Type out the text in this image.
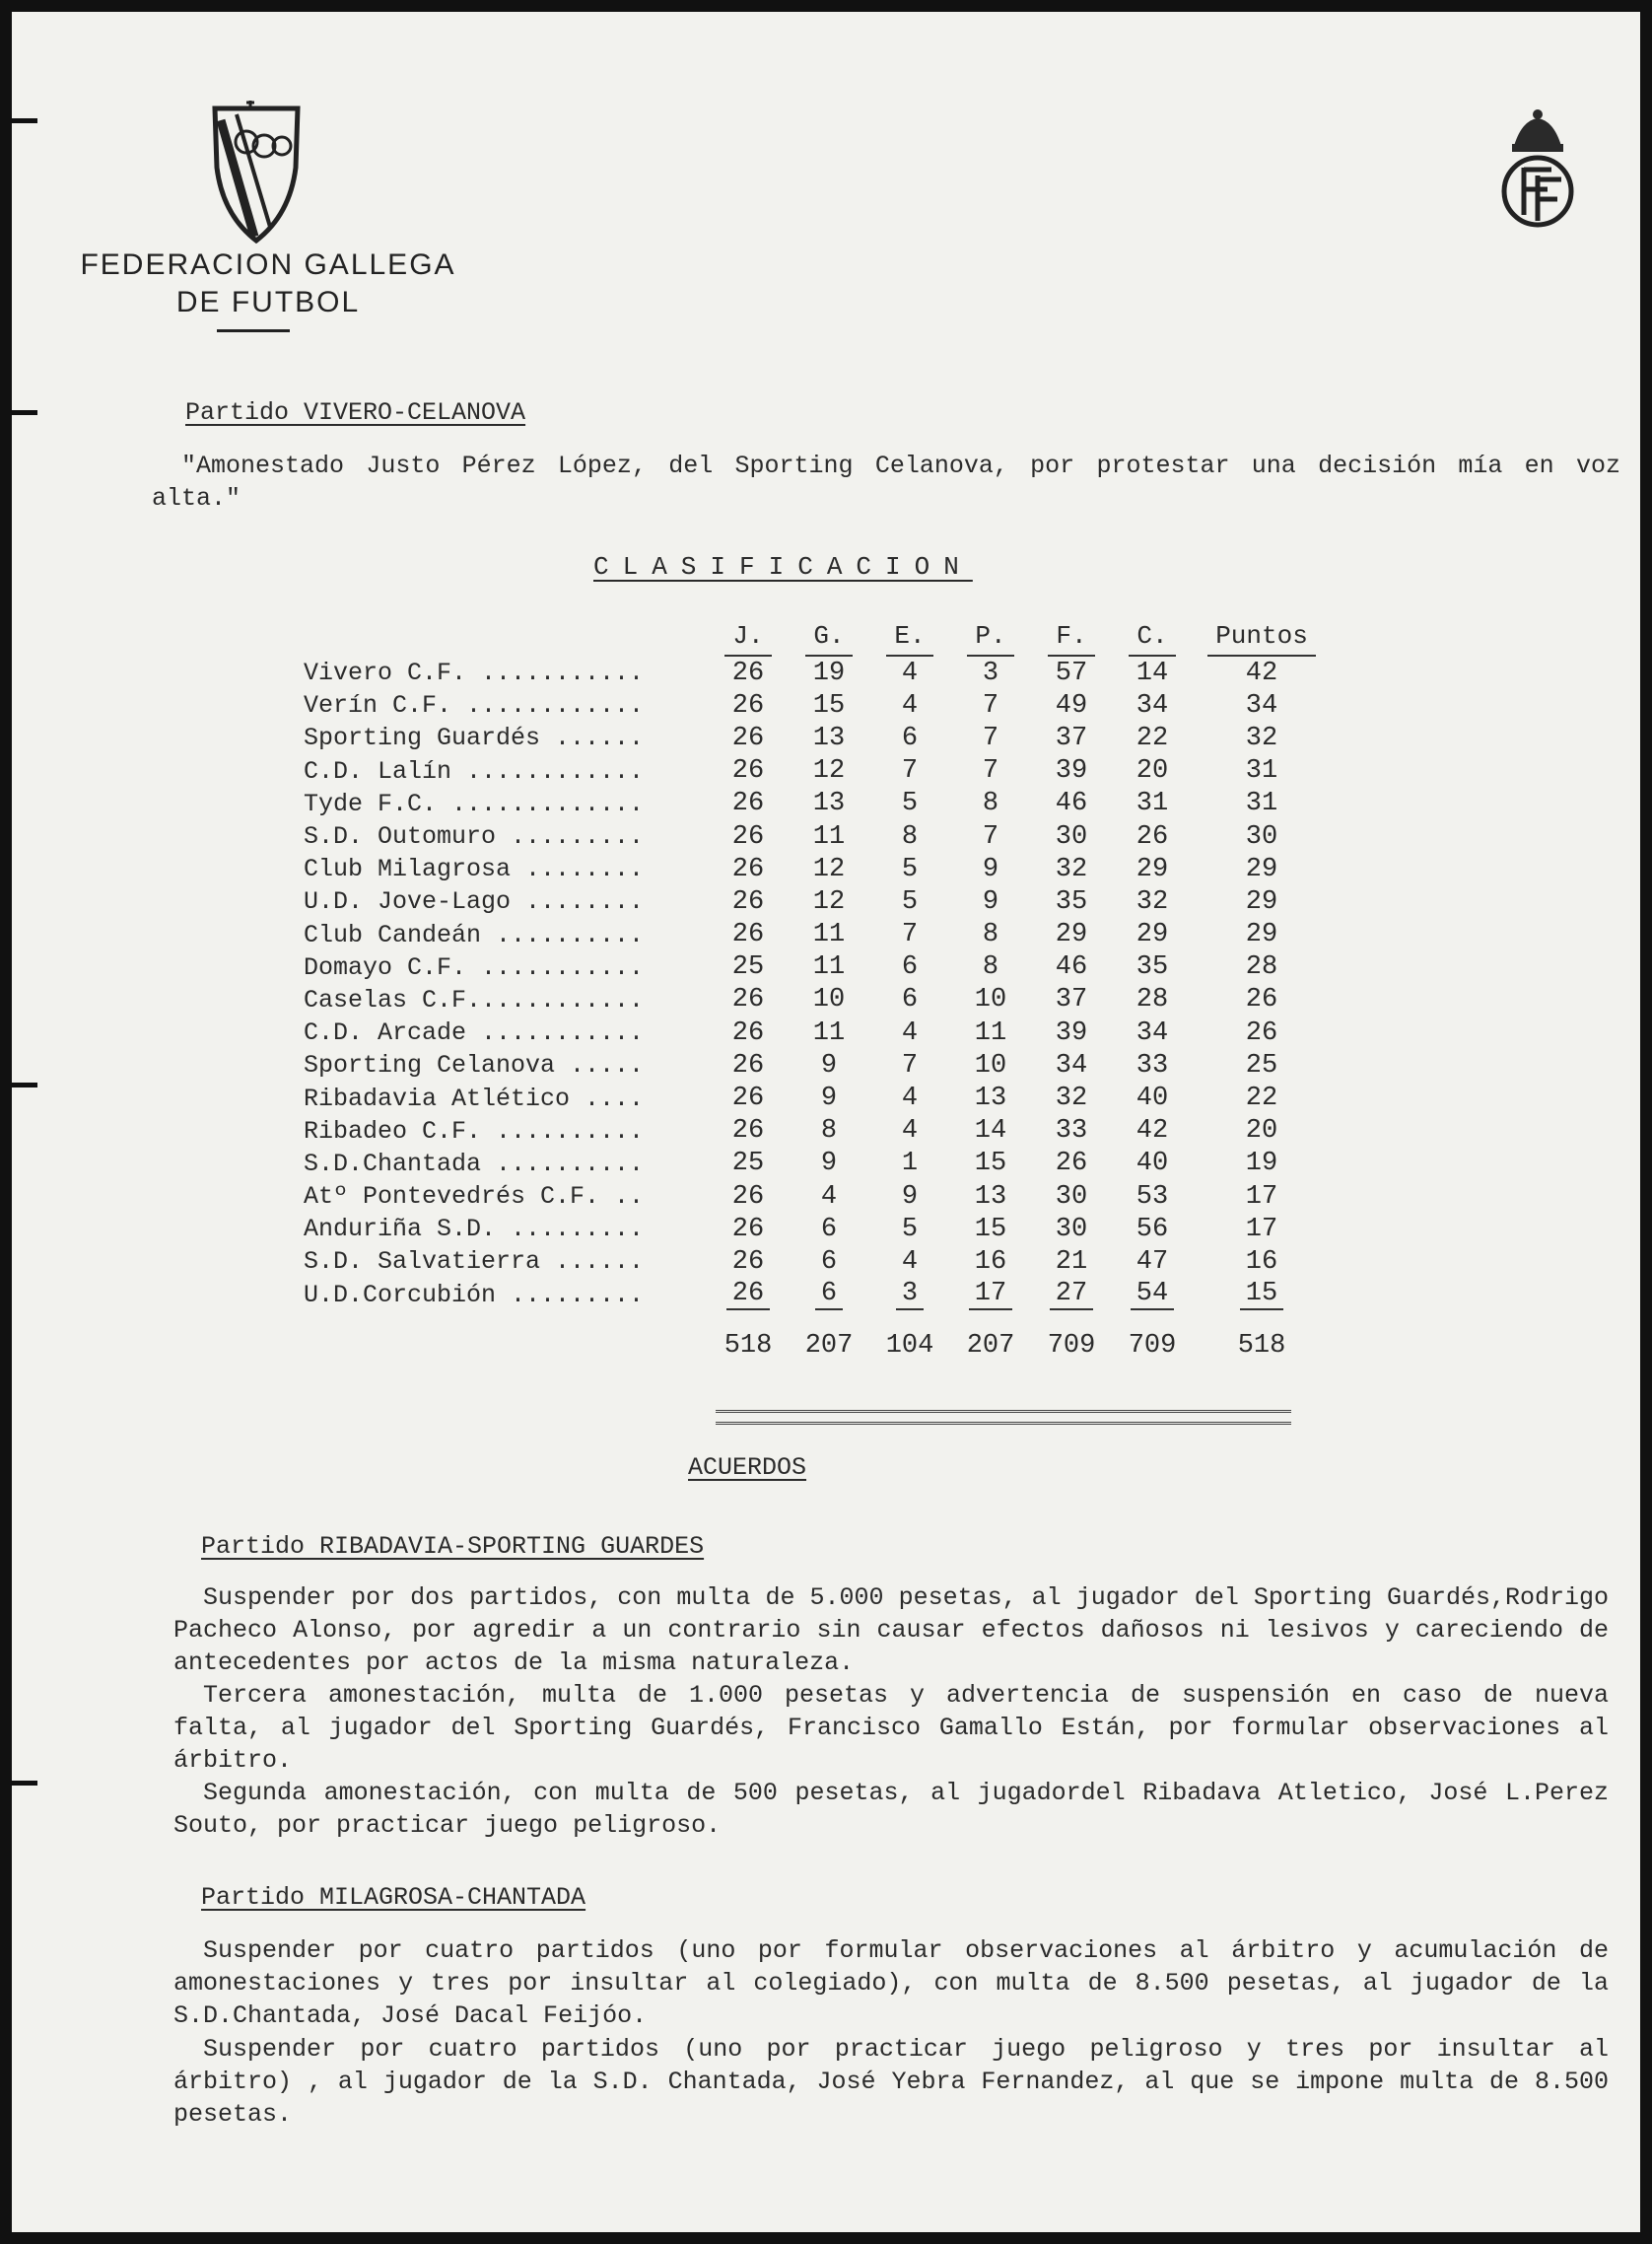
FEDERACION GALLEGA
DE FUTBOL
Partido VIVERO-CELANOVA
"Amonestado Justo Pérez López, del Sporting Celanova, por protestar una decisión mía en voz alta."
CLASIFICACION
	J.	G.	E.	P.	F.	C.	Puntos
Vivero C.F. ...........	26	19	4	3	57	14	42
Verín C.F. ............	26	15	4	7	49	34	34
Sporting Guardés ......	26	13	6	7	37	22	32
C.D. Lalín ............	26	12	7	7	39	20	31
Tyde F.C. .............	26	13	5	8	46	31	31
S.D. Outomuro .........	26	11	8	7	30	26	30
Club Milagrosa ........	26	12	5	9	32	29	29
U.D. Jove-Lago ........	26	12	5	9	35	32	29
Club Candeán ..........	26	11	7	8	29	29	29
Domayo C.F. ...........	25	11	6	8	46	35	28
Caselas C.F............	26	10	6	10	37	28	26
C.D. Arcade ...........	26	11	4	11	39	34	26
Sporting Celanova .....	26	9	7	10	34	33	25
Ribadavia Atlético ....	26	9	4	13	32	40	22
Ribadeo C.F. ..........	26	8	4	14	33	42	20
S.D.Chantada ..........	25	9	1	15	26	40	19
Atº Pontevedrés C.F. ..	26	4	9	13	30	53	17
Anduriña S.D. .........	26	6	5	15	30	56	17
S.D. Salvatierra ......	26	6	4	16	21	47	16
U.D.Corcubión .........	26	6	3	17	27	54	15
	518	207	104	207	709	709	518
ACUERDOS
Partido RIBADAVIA-SPORTING GUARDES
Suspender por dos partidos, con multa de 5.000 pesetas, al jugador del Sporting Guardés,Rodrigo Pacheco Alonso, por agredir a un contrario sin causar efectos dañosos ni lesivos y careciendo de antecedentes por actos de la misma naturaleza.
Tercera amonestación, multa de 1.000 pesetas y advertencia de suspensión en caso de nueva falta, al jugador del Sporting Guardés, Francisco Gamallo Están, por formular observaciones al árbitro.
Segunda amonestación, con multa de 500 pesetas, al jugadordel Ribadava Atletico, José L.Perez Souto, por practicar juego peligroso.
Partido MILAGROSA-CHANTADA
Suspender por cuatro partidos (uno por formular observaciones al árbitro y acumulación de amonestaciones y tres por insultar al colegiado), con multa de 8.500 pesetas, al jugador de la S.D.Chantada, José Dacal Feijóo.
Suspender por cuatro partidos (uno por practicar juego peligroso y tres por insultar al árbitro) , al jugador de la S.D. Chantada, José Yebra Fernandez, al que se impone multa de 8.500 pesetas.
